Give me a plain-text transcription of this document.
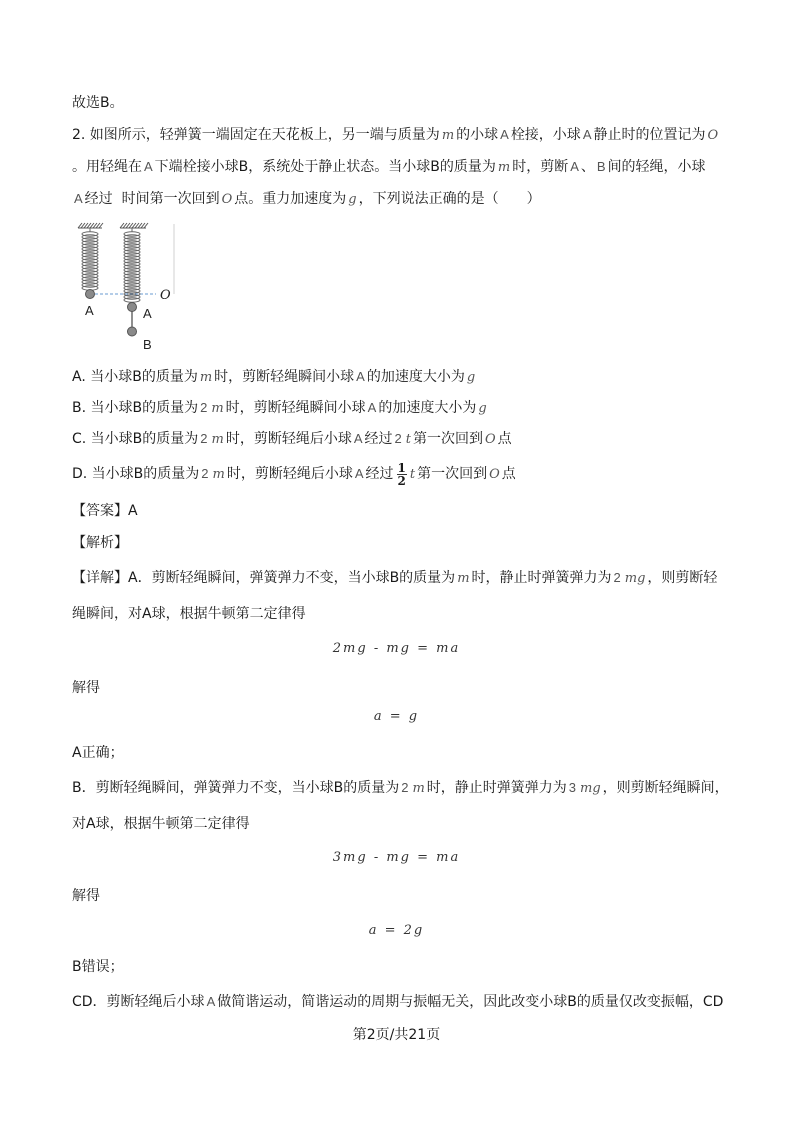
故选B。
2. 如图所示，轻弹簧一端固定在天花板上，另一端与质量为 m 的小球 A 栓接，小球 A 静止时的位置记为 O
。用轻绳在 A 下端栓接小球B，系统处于静止状态。当小球B的质量为 m 时，剪断 A 、 B 间的轻绳，小球
A 经过  时间第一次回到 O 点。重力加速度为 g ，下列说法正确的是（　　）
A
O
A
B
A. 当小球B的质量为 m 时，剪断轻绳瞬间小球 A 的加速度大小为 g
B. 当小球B的质量为 2 m 时，剪断轻绳瞬间小球 A 的加速度大小为 g
C. 当小球B的质量为 2 m 时，剪断轻绳后小球 A 经过 2 t 第一次回到 O 点
D. 当小球B的质量为 2 m 时，剪断轻绳后小球 A 经过 $\frac{1}{2}$ t 第一次回到 O 点
【答案】A
【解析】
【详解】A．剪断轻绳瞬间，弹簧弹力不变，当小球B的质量为 m 时，静止时弹簧弹力为 2 mg ，则剪断轻
绳瞬间，对A球，根据牛顿第二定律得
2mg - mg = ma
解得
a = g
A正确；
B．剪断轻绳瞬间，弹簧弹力不变，当小球B的质量为 2 m 时，静止时弹簧弹力为 3 mg ，则剪断轻绳瞬间，
对A球，根据牛顿第二定律得
3mg - mg = ma
解得
a = 2g
B错误；
CD．剪断轻绳后小球 A 做简谐运动，简谐运动的周期与振幅无关，因此改变小球B的质量仅改变振幅，CD
第2页/共21页
